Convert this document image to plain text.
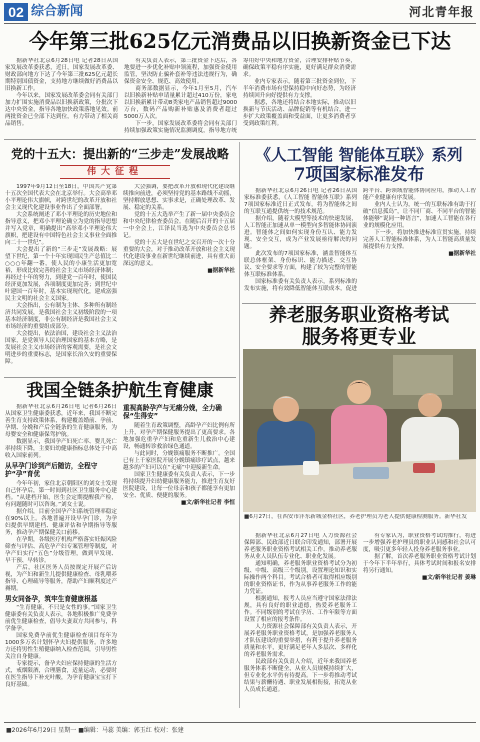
02 综合新闻	河北青年报
今年第三批625亿元消费品以旧换新资金已下达

据新华社北京6月28日电 记者28日从国家发展改革委获悉，近日，国家发展改革委、财政部向地方下达了今年第三批625亿元超长期特别国债资金，支持地方继续做好消费品以旧换新工作。

今年以来，国家发展改革委会同有关部门加力扩围实施消费品以旧换新政策，分批次下达中央资金，指导各地加快政策落地见效。前两批资金已全部下达到位，有力带动了相关商品销售。

有关负责人表示，第三批资金下达后，各地要进一步优化补贴申领流程，加强资金使用监管，坚决防止骗补套补等违法违规行为，确保资金安全、规范、高效使用。

商务部数据显示，今年1月至5月，汽车以旧换新补贴申请量累计超过410万份，家电以旧换新累计带动8类家电产品销售超过9000万台，数码产品购新补贴惠及消费者超过5000万人次。

下一步，国家发展改革委将会同有关部门持续加强政策实施情况监测调度，指导地方统筹用好中央和地方资金，合理安排补贴节奏，确保政策平稳有序实施，更好满足群众消费需求。

业内专家表示，随着第三批资金到位，下半年消费市场有望保持稳中向好态势，为经济持续回升向好提供有力支撑。

据悉，各地还将结合本地实际，推动以旧换新与节庆活动、品牌促销等有机结合，进一步扩大政策覆盖面和受益面，让更多消费者享受到政策红利。

党的十五大：提出新的“三步走”发展战略
伟大征程

1997年9月12日至18日，中国共产党第十五次全国代表大会在北京举行。大会高举邓小平理论伟大旗帜，对跨世纪的改革开放和社会主义现代化建设事业作出了全面部署。

大会系统阐述了邓小平理论的历史地位和指导意义，把邓小平理论确立为党的指导思想并写入党章，明确提出“高举邓小平理论伟大旗帜，把建设有中国特色社会主义事业全面推向二十一世纪”。

大会提出了新的“三步走”发展战略：展望下世纪，第一个十年实现国民生产总值比二○○○年翻一番，使人民的小康生活更加宽裕，形成比较完善的社会主义市场经济体制；再经过十年的努力，到建党一百年时，使国民经济更加发展，各项制度更加完善；到世纪中叶建国一百年时，基本实现现代化，建成富强民主文明的社会主义国家。

大会指出，公有制为主体、多种所有制经济共同发展，是我国社会主义初级阶段的一项基本经济制度，非公有制经济是我国社会主义市场经济的重要组成部分。

大会提出，依法治国，建设社会主义法治国家，是党领导人民治理国家的基本方略，是发展社会主义市场经济的客观需要，是社会文明进步的重要标志，是国家长治久安的重要保障。

大会强调，要把改革开放和现代化建设继续推向前进，必须坚持党的基本路线不动摇，坚持解放思想、实事求是，正确处理改革、发展、稳定的关系。

党的十五大选举产生了新一届中央委员会和中央纪律检查委员会。在随后召开的十五届一中全会上，江泽民当选为中央委员会总书记。

党的十五大是在世纪之交召开的一次十分重要的大会，对于推动改革开放和社会主义现代化建设事业在新世纪继续前进，具有重大而深远的意义。

■据新华社

我国全链条护航生育健康

据新华社北京6月26日电 记者6月26日从国家卫生健康委获悉，近年来，我国不断完善生育支持政策体系，构建覆盖婚前、孕前、孕期、分娩和产后全链条的生育健康服务，为母婴安全和健康保驾护航。

数据显示，我国孕产妇死亡率、婴儿死亡率持续下降，主要妇幼健康指标总体处于中高收入国家前列。

从早孕门诊到产后随访，全程守护“孕”育优

今年年初，家住北京朝阳区的刘女士发现自己怀孕后，第一时间到社区卫生服务中心建档。“从建档开始，医生会定期提醒我产检，有问题随时可以咨询。”刘女士说。

据介绍，目前全国孕产妇系统管理率稳定在90%以上。各地普遍开设早孕门诊，为孕妇提供早期建档、健康评估和孕期指导等服务，推动孕产期保健关口前移。

在孕期，各级医疗机构严格落实妊娠风险筛查与评估、高危孕产妇专案管理等制度，对孕产妇实行“五色”分级管理，做到早发现、早干预、早转诊。

产后，社区医务人员按规定开展产后访视，为产妇和新生儿提供健康检查、母乳喂养指导、心理疏导等服务，帮助产妇顺利度过产褥期。

男女同备孕，筑牢生育健康根基

“生育健康，不只是女性的事。”国家卫生健康委有关负责人表示，各地积极推广免费孕前优生健康检查，倡导夫妻双方共同参与，科学备孕。

国家免费孕前优生健康检查项目每年为1000多万名计划怀孕夫妇提供服务。许多地方还将男性生殖健康纳入检查范围，引导男性关注自身健康。

专家提示，备孕夫妇应保持健康的生活方式，戒烟限酒，合理膳食，适量运动，必要时在医生指导下补充叶酸，为孕育健康宝宝打下良好基础。

重视高龄孕产与无痛分娩，全力确保“生得安”

随着生育政策调整，高龄孕产妇比例有所上升，对孕产期保健服务提出了更高要求。各地加强危重孕产妇和危重新生儿救治中心建设，畅通转诊救治绿色通道。

与此同时，分娩镇痛服务不断推广。全国已有上千家医院开展分娩镇痛诊疗试点，越来越多的产妇可以在“无痛”中迎接新生命。

国家卫生健康委有关负责人表示，下一步将持续提升妇幼健康服务能力，推进生育友好医院建设，让每一位母亲和孩子都能享有更加安全、优质、便捷的服务。

■文/新华社记者 李恒

《人工智能 智能体互联》系列
7项国家标准发布

据新华社北京6月26日电 记者26日从国家标准委获悉，《人工智能 智能体互联》系列7项国家标准近日正式发布，将为智能体之间的互联互通提供统一的技术规范。

据介绍，随着大模型等技术的快速发展，人工智能正加速从单一模型向多智能体协同演进。智能体之间如何实现身份互认、能力发现、安全交互，成为产业发展亟待解决的问题。

此次发布的7项国家标准，涵盖智能体互联总体框架、身份标识、能力描述、交互协议、安全要求等方面，构建了较为完整的智能体互联标准体系。

国家标准委有关负责人表示，系列标准的发布实施，将有效降低智能体互联成本，促进跨平台、跨领域智能体协同应用，推动人工智能产业健康有序发展。

业内人士认为，统一的互联标准有助于打破“信息孤岛”，让不同厂商、不同平台的智能体能够“说同一种语言”，加速人工智能在各行业的规模化应用。

下一步，将加快推进标准宣贯实施，持续完善人工智能标准体系，为人工智能高质量发展提供有力支撑。

■据新华社

养老服务职业资格考试
服务将更专业
■6月27日，在西安市沣东新城金桥社区，养老护理员为老人提供健康检测服务。新华社发

据新华社北京6月27日电 人力资源社会保障部、民政部近日联合印发通知，部署开展养老服务职业资格考试相关工作，推动养老服务从业人员队伍专业化、职业化发展。

通知明确，养老服务职业资格考试分为初级、中级、高级三个级别，设置理论知识和实际操作两个科目。考试合格者可取得相应级别的职业资格证书，作为从事养老服务工作的能力凭证。

根据通知，报考人员应当遵守国家法律法规，具有良好的职业道德，热爱养老服务工作。不同级别的考试在学历、工作年限等方面设置了相应的报考条件。

人力资源社会保障部有关负责人表示，开展养老服务职业资格考试，是加强养老服务人才队伍建设的重要举措，有利于提升养老服务质量和水平，更好满足老年人多层次、多样化的养老服务需求。

民政部有关负责人介绍，近年来我国养老服务体系不断健全，从业人员规模持续扩大，但专业化水平仍有待提高。下一步将推动考试结果与薪酬待遇、职业发展相衔接，拓宽从业人员成长通道。

有专家认为，职业资格考试的推行，将进一步增强养老护理员的职业认同感和社会认可度，吸引更多年轻人投身养老服务事业。

据了解，首次养老服务职业资格考试计划于今年下半年举行，具体考试时间和报名安排将另行通知。

■文/新华社记者 姜琳

■2026年6月29日 星期一 ■编辑：马蕊 美编：郭玉红 校对：张建
